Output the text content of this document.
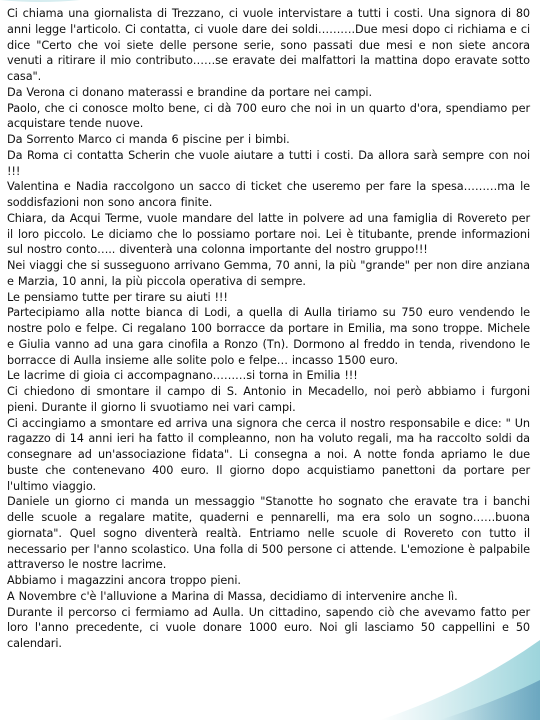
Ci chiama una giornalista di Trezzano, ci vuole intervistare a tutti i costi. Una signora di 80 anni legge l'articolo. Ci contatta, ci vuole dare dei soldi……….Due mesi dopo ci richiama e ci dice "Certo che voi siete delle persone serie, sono passati due mesi e non siete ancora venuti a ritirare il mio contributo……se eravate dei malfattori la mattina dopo eravate sotto casa".

Da Verona ci donano materassi e brandine da portare nei campi.

Paolo, che ci conosce molto bene, ci dà 700 euro che noi in un quarto d'ora, spendiamo per acquistare tende nuove.

Da Sorrento Marco ci manda 6 piscine per i bimbi.

Da Roma ci contatta Scherin che vuole aiutare a tutti i costi. Da allora sarà sempre con noi !!!

Valentina e Nadia raccolgono un sacco di ticket che useremo per fare la spesa………ma le soddisfazioni non sono ancora finite.

Chiara, da Acqui Terme, vuole mandare del latte in polvere ad una famiglia di Rovereto per il loro piccolo. Le diciamo che lo possiamo portare noi. Lei è titubante, prende informazioni sul nostro conto….. diventerà una colonna importante del nostro gruppo!!!

Nei viaggi che si susseguono arrivano Gemma, 70 anni, la più "grande" per non dire anziana e Marzia, 10 anni, la più piccola operativa di sempre.

Le pensiamo tutte per tirare su aiuti !!!

Partecipiamo alla notte bianca di Lodi, a quella di Aulla tiriamo su 750 euro vendendo le nostre polo e felpe. Ci regalano 100 borracce da portare in Emilia, ma sono troppe. Michele e Giulia vanno ad una gara cinofila a Ronzo (Tn). Dormono al freddo in tenda, rivendono le borracce di Aulla insieme alle solite polo e felpe… incasso 1500 euro.

Le lacrime di gioia ci accompagnano………si torna in Emilia !!!

Ci chiedono di smontare il campo di S. Antonio in Mecadello, noi però abbiamo i furgoni pieni. Durante il giorno li svuotiamo nei vari campi.

Ci accingiamo a smontare ed arriva una signora che cerca il nostro responsabile e dice: " Un ragazzo di 14 anni ieri ha fatto il compleanno, non ha voluto regali, ma ha raccolto soldi da consegnare ad un'associazione fidata". Li consegna a noi. A notte fonda apriamo le due buste che contenevano 400 euro. Il giorno dopo acquistiamo panettoni da portare per l'ultimo viaggio.

Daniele un giorno ci manda un messaggio "Stanotte ho sognato che eravate tra i banchi delle scuole a regalare matite, quaderni e pennarelli, ma era solo un sogno……buona giornata". Quel sogno diventerà realtà. Entriamo nelle scuole di Rovereto con tutto il necessario per l'anno scolastico. Una folla di 500 persone ci attende. L'emozione è palpabile attraverso le nostre lacrime.

Abbiamo i magazzini ancora troppo pieni.

A Novembre c'è l'alluvione a Marina di Massa, decidiamo di intervenire anche lì.

Durante il percorso ci fermiamo ad Aulla. Un cittadino, sapendo ciò che avevamo fatto per loro l'anno precedente, ci vuole donare 1000 euro. Noi gli lasciamo 50 cappellini e 50 calendari.
